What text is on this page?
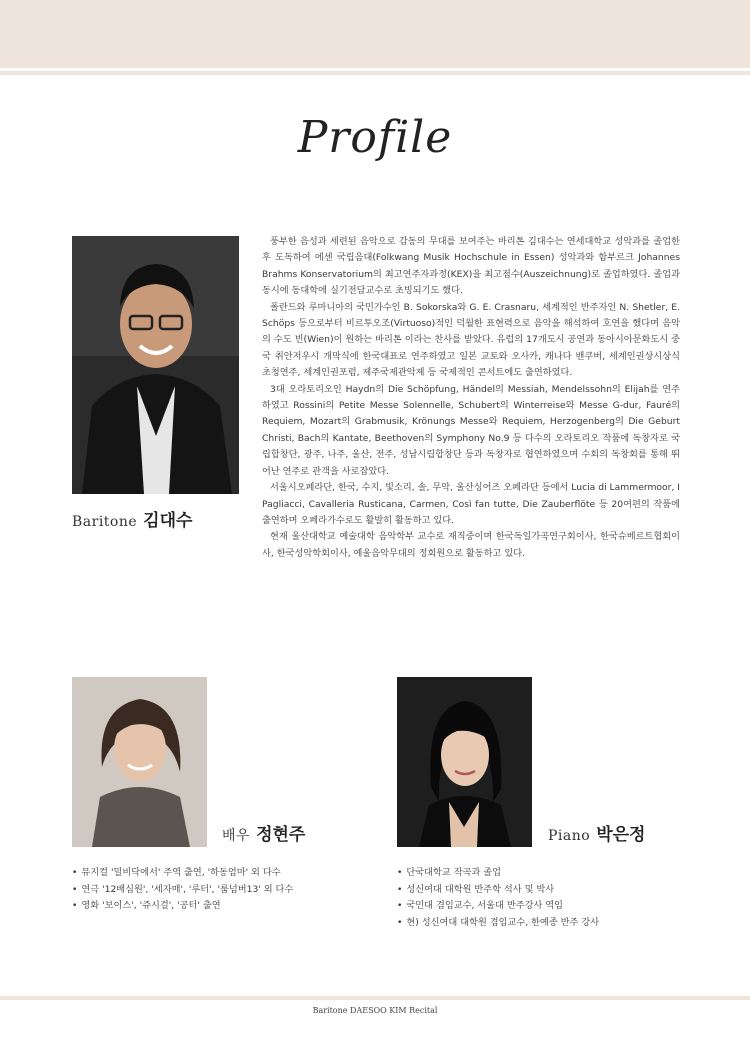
Profile
Baritone 김대수

풍부한 음성과 세련된 음악으로 감동의 무대를 보여주는 바리톤 김대수는 연세대학교 성악과를 졸업한 후 도독하여 에센 국립음대(Folkwang Musik Hochschule in Essen) 성악과와 함부르크 Johannes Brahms Konservatorium의 최고연주자과정(KEX)을 최고점수(Auszeichnung)로 졸업하였다. 졸업과 동시에 동대학에 실기전담교수로 초빙되기도 했다.

폴란드와 루마니아의 국민가수인 B. Sokorska와 G. E. Crasnaru, 세계적인 반주자인 N. Shetler, E. Schöps 등으로부터 비르투오조(Virtuoso)적인 덕월한 표현력으로 음악을 해석하여 호연을 했다며 음악의 수도 빈(Wien)이 원하는 바리톤 이라는 찬사를 받았다. 유럽의 17개도시 공연과 동아시아문화도시 중국 취안저우시 개막식에 한국대표로 연주하였고 일본 교토와 오사카, 캐나다 밴쿠버, 세계인권상시상식 초청연주, 세계인권포럼, 제주국제관악제 등 국제적인 콘서트에도 출연하였다.

3대 오라토리오인 Haydn의 Die Schöpfung, Händel의 Messiah, Mendelssohn의 Elijah를 연주하였고 Rossini의 Petite Messe Solennelle, Schubert의 Winterreise와 Messe G-dur, Fauré의 Requiem, Mozart의 Grabmusik, Krönungs Messe와 Requiem, Herzogenberg의 Die Geburt Christi, Bach의 Kantate, Beethoven의 Symphony No.9 등 다수의 오라토리오 작품에 독창자로 국립합창단, 광주, 나주, 울산, 전주, 성남시립합창단 등과 독창자로 협연하였으며 수회의 독창회를 통해 뛰어난 연주로 관객을 사로잡았다.

서울시오페라단, 한국, 수지, 빛소리, 솔, 무악, 울산싱어즈 오페라단 등에서 Lucia di Lammermoor, I Pagliacci, Cavalleria Rusticana, Carmen, Così fan tutte, Die Zauberflöte 등 20여편의 작품에 출연하며 오페라가수로도 활발히 활동하고 있다.

현재 울산대학교 예술대학 음악학부 교수로 재직중이며 한국독일가곡연구회이사, 한국슈베르트협회이사, 한국성악학회이사, 예울음악무대의 정회원으로 활동하고 있다.

배우 정현주
• 뮤지컬 '밀비닥에서' 주역 출연, '하동엄마' 외 다수
• 연극 '12배심원', '세자매', '루터', '룸넘버13' 외 다수
• 영화 '보이스', '쥬시걸', '공터' 출연
Piano 박은정
• 단국대학교 작곡과 졸업
• 성신여대 대학원 반주학 석사 및 박사
• 국민대 겸임교수, 서울대 반주강사 역임
• 현) 성신여대 대학원 겸임교수, 한예종 반주 강사
Baritone DAESOO KIM Recital
